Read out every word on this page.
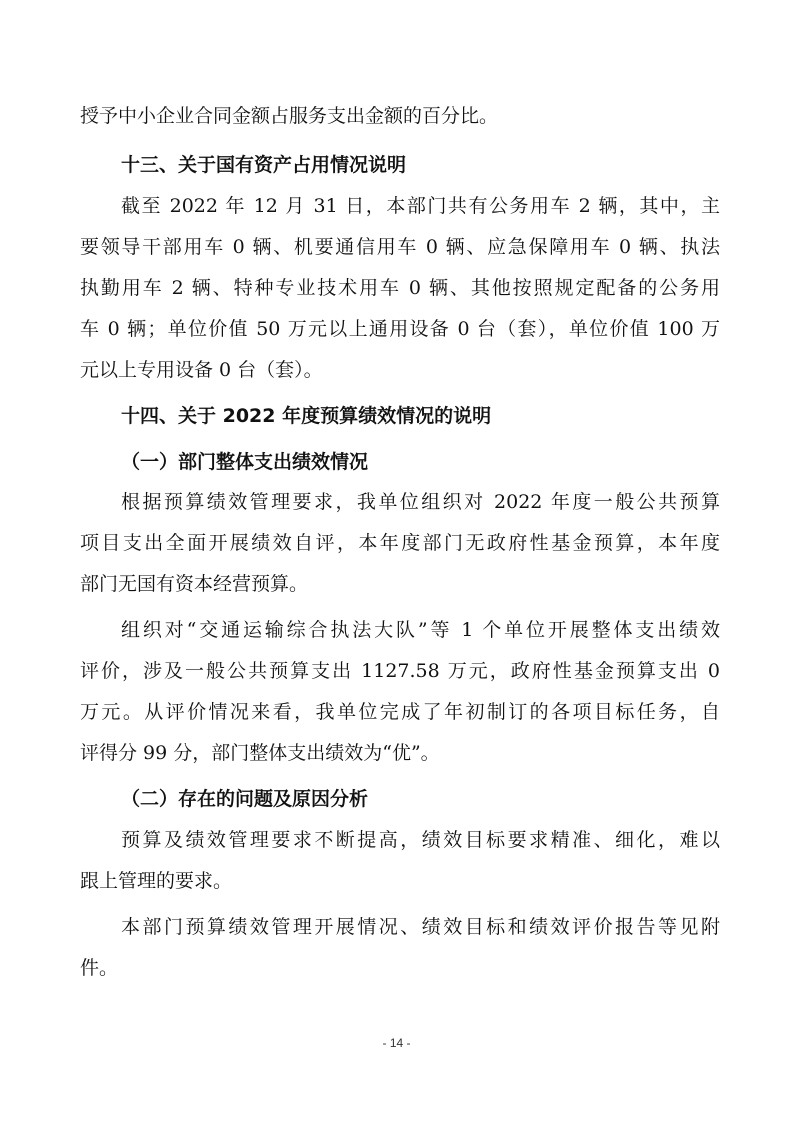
授予中小企业合同金额占服务支出金额的百分比。
十三、关于国有资产占用情况说明
截至 2022 年 12 月 31 日，本部门共有公务用车 2 辆，其中，主
要领导干部用车 0 辆、机要通信用车 0 辆、应急保障用车 0 辆、执法
执勤用车 2 辆、特种专业技术用车 0 辆、其他按照规定配备的公务用
车 0 辆；单位价值 50 万元以上通用设备 0 台（套），单位价值 100 万
元以上专用设备 0 台（套）。
十四、关于 2022 年度预算绩效情况的说明
（一）部门整体支出绩效情况
根据预算绩效管理要求，我单位组织对 2022 年度一般公共预算
项目支出全面开展绩效自评，本年度部门无政府性基金预算，本年度
部门无国有资本经营预算。
组织对“交通运输综合执法大队”等 1 个单位开展整体支出绩效
评价，涉及一般公共预算支出 1127.58 万元，政府性基金预算支出 0
万元。从评价情况来看，我单位完成了年初制订的各项目标任务，自
评得分 99 分，部门整体支出绩效为“优”。
（二）存在的问题及原因分析
预算及绩效管理要求不断提高，绩效目标要求精准、细化，难以
跟上管理的要求。
本部门预算绩效管理开展情况、绩效目标和绩效评价报告等见附
件。
- 14 -
